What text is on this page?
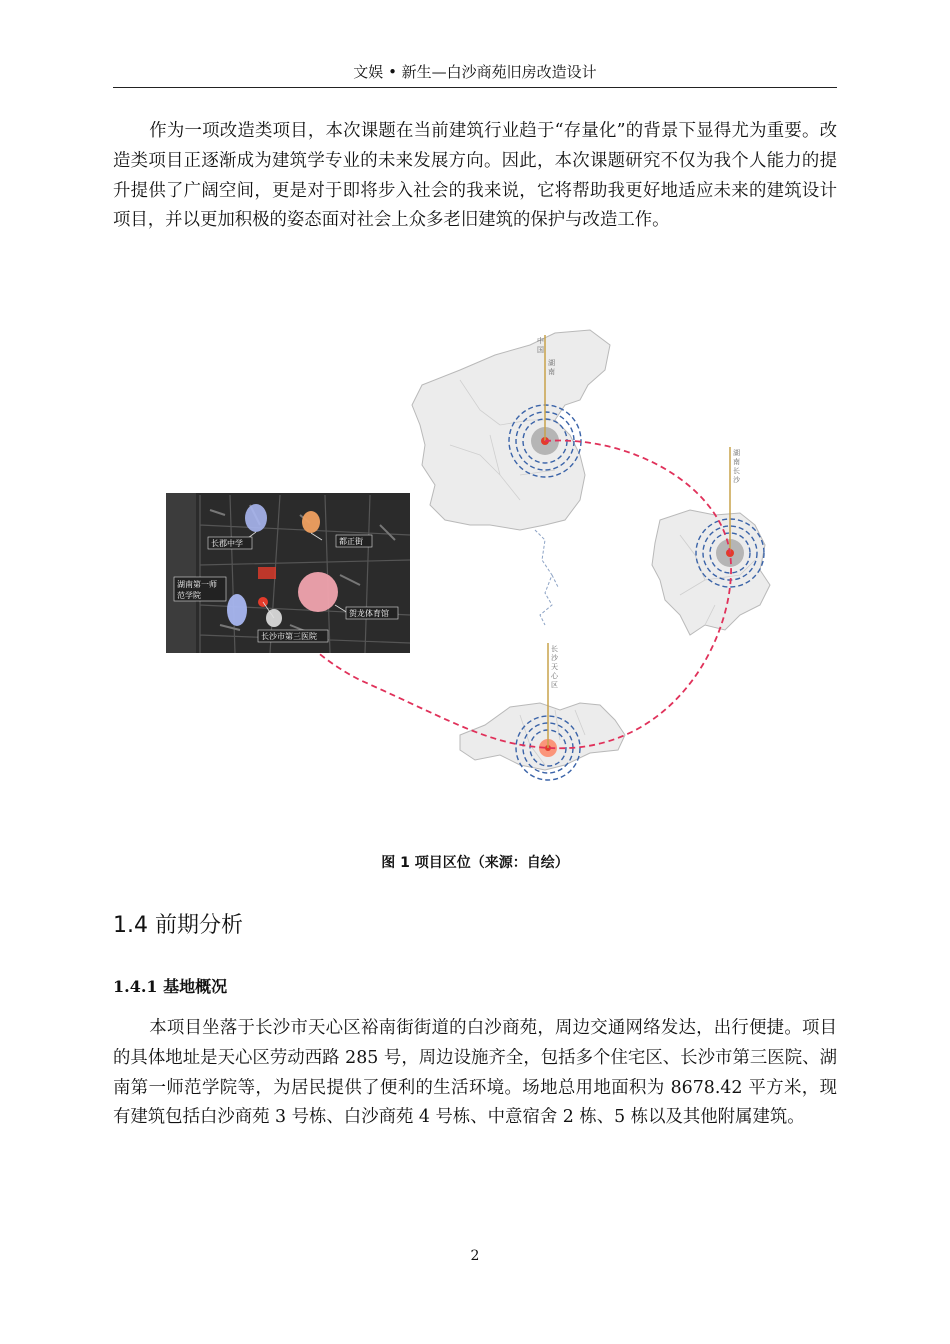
文娱 • 新生—白沙商苑旧房改造设计

作为一项改造类项目，本次课题在当前建筑行业趋于“存量化”的背景下显得尤为重要。改造类项目正逐渐成为建筑学专业的未来发展方向。因此，本次课题研究不仅为我个人能力的提升提供了广阔空间，更是对于即将步入社会的我来说，它将帮助我更好地适应未来的建筑设计项目，并以更加积极的姿态面对社会上众多老旧建筑的保护与改造工作。

中
国
湖
南
湖
南
长
沙
长
沙
天
心
区
长郡中学	都正街
湖南第一师
范学院
贺龙体育馆
长沙市第三医院
图 1 项目区位（来源：自绘）
1.4 前期分析
1.4.1 基地概况

本项目坐落于长沙市天心区裕南街街道的白沙商苑，周边交通网络发达，出行便捷。项目的具体地址是天心区劳动西路 285 号，周边设施齐全，包括多个住宅区、长沙市第三医院、湖南第一师范学院等，为居民提供了便利的生活环境。场地总用地面积为 8678.42 平方米，现有建筑包括白沙商苑 3 号栋、白沙商苑 4 号栋、中意宿舍 2 栋、5 栋以及其他附属建筑。

2
